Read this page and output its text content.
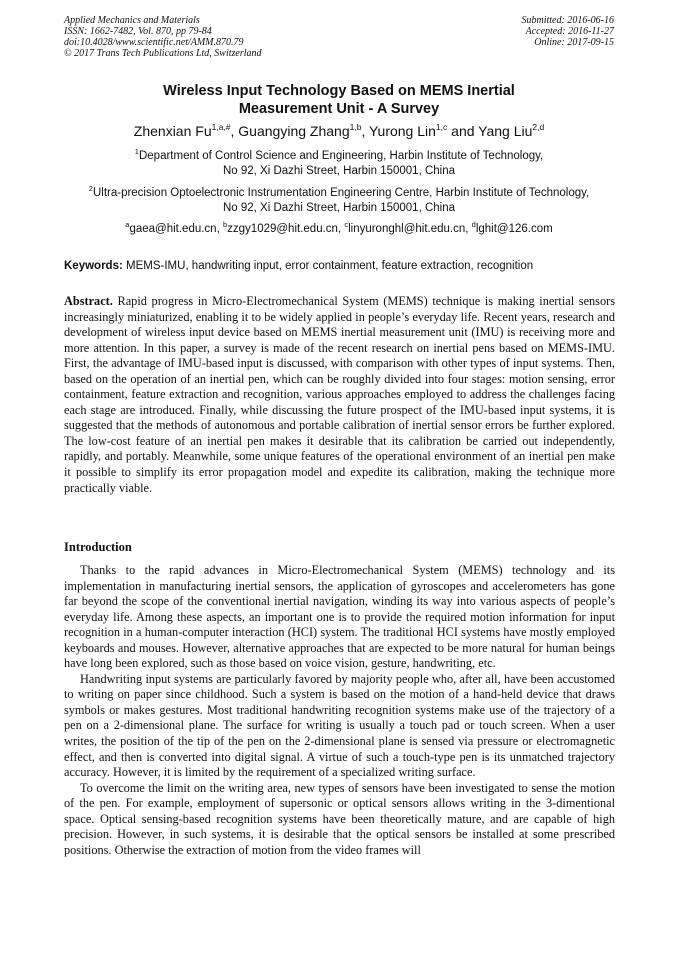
Applied Mechanics and Materials
ISSN: 1662-7482, Vol. 870, pp 79-84
doi:10.4028/www.scientific.net/AMM.870.79
© 2017 Trans Tech Publications Ltd, Switzerland
Submitted: 2016-06-16
Accepted: 2016-11-27
Online: 2017-09-15
Wireless Input Technology Based on MEMS Inertial
Measurement Unit - A Survey
Zhenxian $Fu^{1,a,\#}$, Guangying Zhang$^{1,b}$, Yurong Lin$^{1,c}$ and Yang Liu$^{2,d}$
$^1$Department of Control Science and Engineering, Harbin Institute of Technology,
No 92, Xi Dazhi Street, Harbin 150001, China
$^2$Ultra-precision Optoelectronic Instrumentation Engineering Centre, Harbin Institute of Technology,
No 92, Xi Dazhi Street, Harbin 150001, China
$^a$gaea@hit.edu.cn, $^b$zzgy1029@hit.edu.cn, $^c$linyuronghl@hit.edu.cn, $^d$lghit@126.com
Keywords: MEMS-IMU, handwriting input, error containment, feature extraction, recognition
Abstract. Rapid progress in Micro-Electromechanical System (MEMS) technique is making inertial sensors increasingly miniaturized, enabling it to be widely applied in people’s everyday life. Recent years, research and development of wireless input device based on MEMS inertial measurement unit (IMU) is receiving more and more attention. In this paper, a survey is made of the recent research on inertial pens based on MEMS-IMU. First, the advantage of IMU-based input is discussed, with comparison with other types of input systems. Then, based on the operation of an inertial pen, which can be roughly divided into four stages: motion sensing, error containment, feature extraction and recognition, various approaches employed to address the challenges facing each stage are introduced. Finally, while discussing the future prospect of the IMU-based input systems, it is suggested that the methods of autonomous and portable calibration of inertial sensor errors be further explored. The low-cost feature of an inertial pen makes it desirable that its calibration be carried out independently, rapidly, and portably. Meanwhile, some unique features of the operational environment of an inertial pen make it possible to simplify its error propagation model and expedite its calibration, making the technique more practically viable.
Introduction

Thanks to the rapid advances in Micro-Electromechanical System (MEMS) technology and its implementation in manufacturing inertial sensors, the application of gyroscopes and accelerometers has gone far beyond the scope of the conventional inertial navigation, winding its way into various aspects of people’s everyday life. Among these aspects, an important one is to provide the required motion information for input recognition in a human-computer interaction (HCI) system. The traditional HCI systems have mostly employed keyboards and mouses. However, alternative approaches that are expected to be more natural for human beings have long been explored, such as those based on voice vision, gesture, handwriting, etc.

Handwriting input systems are particularly favored by majority people who, after all, have been accustomed to writing on paper since childhood. Such a system is based on the motion of a hand-held device that draws symbols or makes gestures. Most traditional handwriting recognition systems make use of the trajectory of a pen on a 2-dimensional plane. The surface for writing is usually a touch pad or touch screen. When a user writes, the position of the tip of the pen on the 2-dimensional plane is sensed via pressure or electromagnetic effect, and then is converted into digital signal. A virtue of such a touch-type pen is its unmatched trajectory accuracy. However, it is limited by the requirement of a specialized writing surface.

To overcome the limit on the writing area, new types of sensors have been investigated to sense the motion of the pen. For example, employment of supersonic or optical sensors allows writing in the 3-dimentional space. Optical sensing-based recognition systems have been theoretically mature, and are capable of high precision. However, in such systems, it is desirable that the optical sensors be installed at some prescribed positions. Otherwise the extraction of motion from the video frames will
